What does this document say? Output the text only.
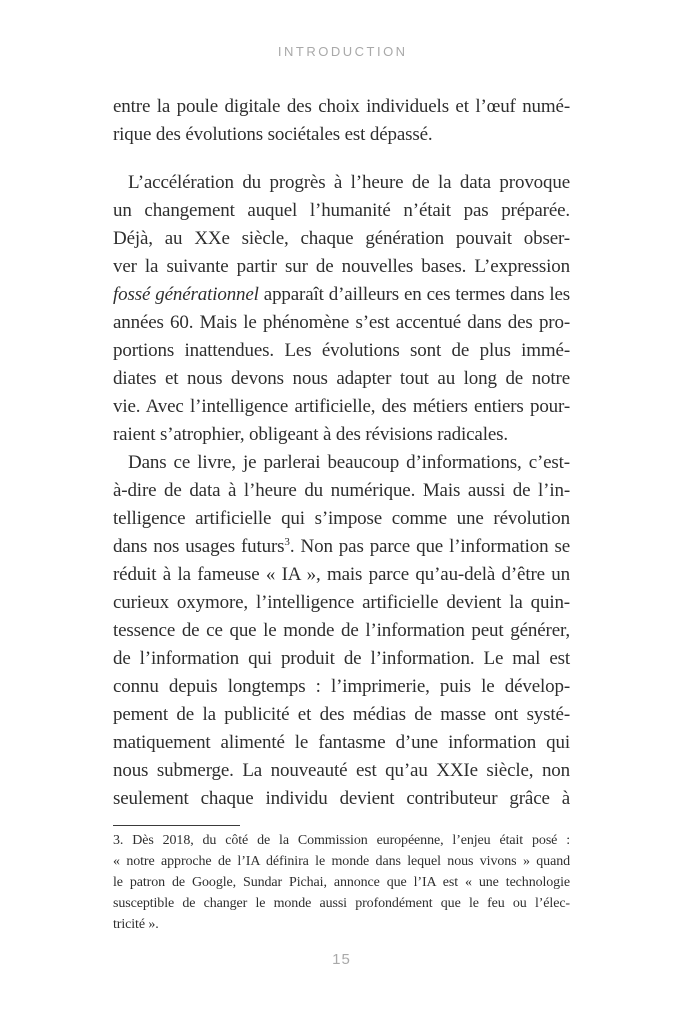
INTRODUCTION
entre la poule digitale des choix individuels et l’œuf numé-
rique des évolutions sociétales est dépassé.
L’accélération du progrès à l’heure de la data provoque
un changement auquel l’humanité n’était pas préparée.
Déjà, au XXe siècle, chaque génération pouvait obser-
ver la suivante partir sur de nouvelles bases. L’expression
fossé générationnel apparaît d’ailleurs en ces termes dans les
années 60. Mais le phénomène s’est accentué dans des pro-
portions inattendues. Les évolutions sont de plus immé-
diates et nous devons nous adapter tout au long de notre
vie. Avec l’intelligence artificielle, des métiers entiers pour-
raient s’atrophier, obligeant à des révisions radicales.
Dans ce livre, je parlerai beaucoup d’informations, c’est-
à-dire de data à l’heure du numérique. Mais aussi de l’in-
telligence artificielle qui s’impose comme une révolution
dans nos usages futurs$^3$. Non pas parce que l’information se
réduit à la fameuse « IA », mais parce qu’au-delà d’être un
curieux oxymore, l’intelligence artificielle devient la quin-
tessence de ce que le monde de l’information peut générer,
de l’information qui produit de l’information. Le mal est
connu depuis longtemps : l’imprimerie, puis le dévelop-
pement de la publicité et des médias de masse ont systé-
matiquement alimenté le fantasme d’une information qui
nous submerge. La nouveauté est qu’au XXIe siècle, non
seulement chaque individu devient contributeur grâce à
3. Dès 2018, du côté de la Commission européenne, l’enjeu était posé :
« notre approche de l’IA définira le monde dans lequel nous vivons » quand
le patron de Google, Sundar Pichai, annonce que l’IA est « une technologie
susceptible de changer le monde aussi profondément que le feu ou l’élec-
tricité ».
15
